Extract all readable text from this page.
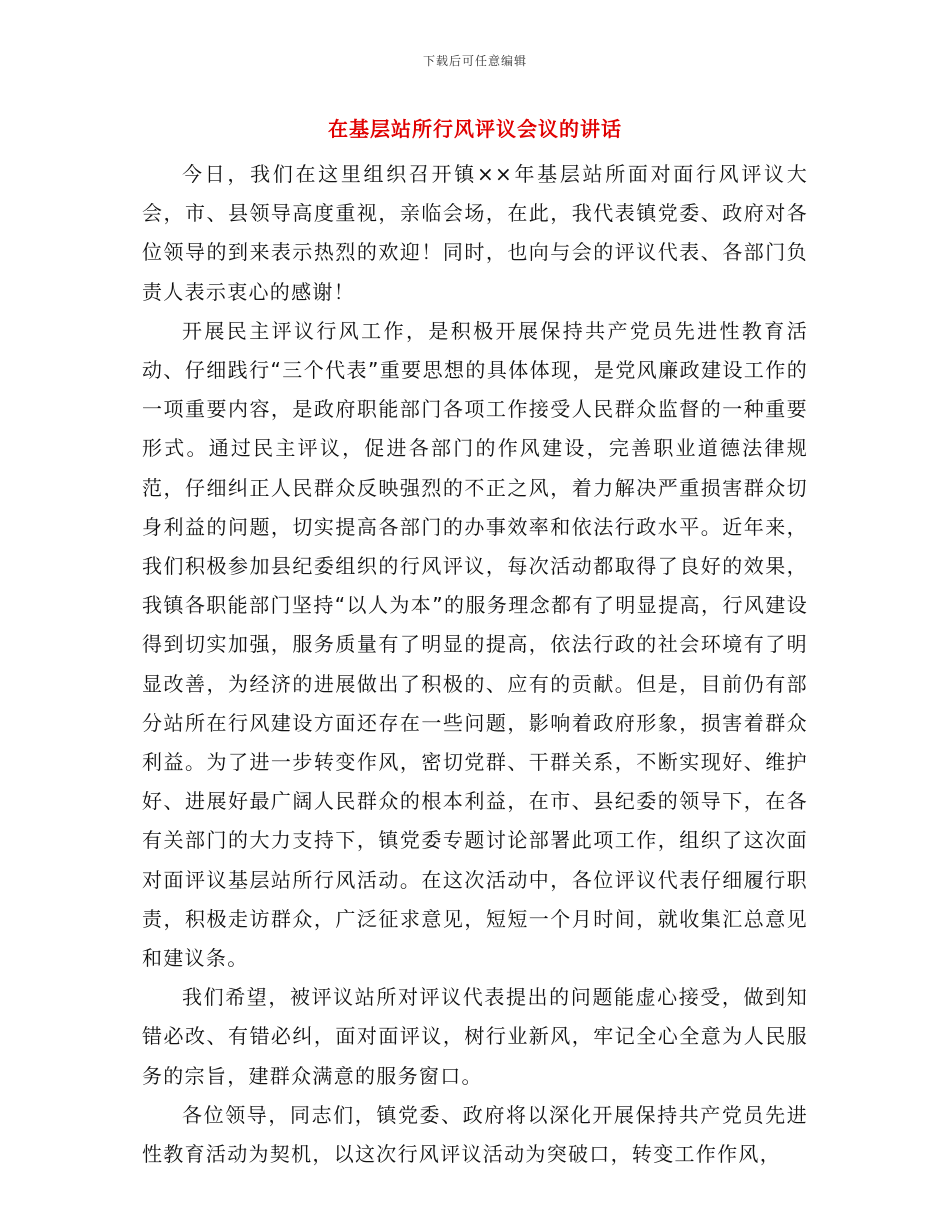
下载后可任意编辑
在基层站所行风评议会议的讲话

今日，我们在这里组织召开镇××年基层站所面对面行风评议大会，市、县领导高度重视，亲临会场，在此，我代表镇党委、政府对各位领导的到来表示热烈的欢迎！同时，也向与会的评议代表、各部门负责人表示衷心的感谢！

开展民主评议行风工作，是积极开展保持共产党员先进性教育活动、仔细践行“三个代表”重要思想的具体体现，是党风廉政建设工作的一项重要内容，是政府职能部门各项工作接受人民群众监督的一种重要形式。通过民主评议，促进各部门的作风建设，完善职业道德法律规范，仔细纠正人民群众反映强烈的不正之风，着力解决严重损害群众切身利益的问题，切实提高各部门的办事效率和依法行政水平。近年来，我们积极参加县纪委组织的行风评议，每次活动都取得了良好的效果，我镇各职能部门坚持“以人为本”的服务理念都有了明显提高，行风建设得到切实加强，服务质量有了明显的提高，依法行政的社会环境有了明显改善，为经济的进展做出了积极的、应有的贡献。但是，目前仍有部分站所在行风建设方面还存在一些问题，影响着政府形象，损害着群众利益。为了进一步转变作风，密切党群、干群关系，不断实现好、维护好、进展好最广阔人民群众的根本利益，在市、县纪委的领导下，在各有关部门的大力支持下，镇党委专题讨论部署此项工作，组织了这次面对面评议基层站所行风活动。在这次活动中，各位评议代表仔细履行职责，积极走访群众，广泛征求意见，短短一个月时间，就收集汇总意见和建议条。

我们希望，被评议站所对评议代表提出的问题能虚心接受，做到知错必改、有错必纠，面对面评议，树行业新风，牢记全心全意为人民服务的宗旨，建群众满意的服务窗口。

各位领导，同志们，镇党委、政府将以深化开展保持共产党员先进性教育活动为契机，以这次行风评议活动为突破口，转变工作作风，
